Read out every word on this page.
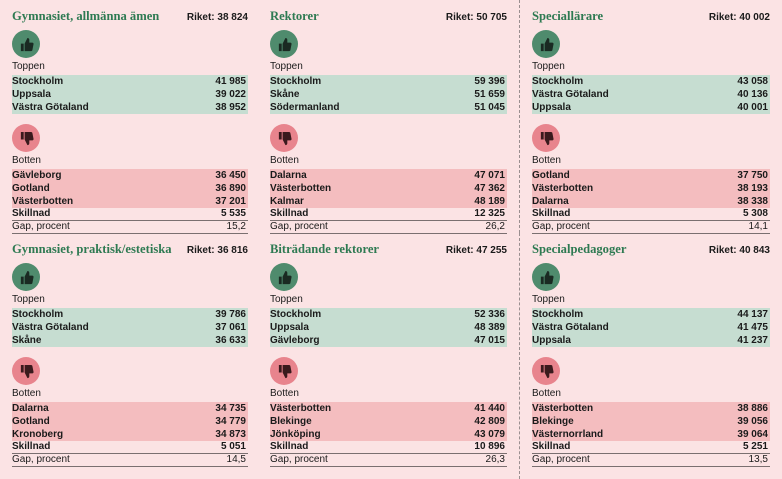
Gymnasiet, allmänna ämen	Riket: 38 824
Toppen
Stockholm	41 985
Uppsala	39 022
Västra Götaland	38 952
Botten
Gävleborg	36 450
Gotland	36 890
Västerbotten	37 201
Skillnad	5 535
Gap, procent	15,2
Rektorer	Riket: 50 705
Toppen
Stockholm	59 396
Skåne	51 659
Södermanland	51 045
Botten
Dalarna	47 071
Västerbotten	47 362
Kalmar	48 189
Skillnad	12 325
Gap, procent	26,2
Speciallärare	Riket: 40 002
Toppen
Stockholm	43 058
Västra Götaland	40 136
Uppsala	40 001
Botten
Gotland	37 750
Västerbotten	38 193
Dalarna	38 338
Skillnad	5 308
Gap, procent	14,1
Gymnasiet, praktisk/estetiska Riket: 36 816
Toppen
Stockholm	39 786
Västra Götaland	37 061
Skåne	36 633
Botten
Dalarna	34 735
Gotland	34 779
Kronoberg	34 873
Skillnad	5 051
Gap, procent	14,5
Biträdande rektorer	Riket: 47 255
Toppen
Stockholm	52 336
Uppsala	48 389
Gävleborg	47 015
Botten
Västerbotten	41 440
Blekinge	42 809
Jönköping	43 079
Skillnad	10 896
Gap, procent	26,3
Specialpedagoger	Riket: 40 843
Toppen
Stockholm	44 137
Västra Götaland	41 475
Uppsala	41 237
Botten
Västerbotten	38 886
Blekinge	39 056
Västernorrland	39 064
Skillnad	5 251
Gap, procent	13,5
